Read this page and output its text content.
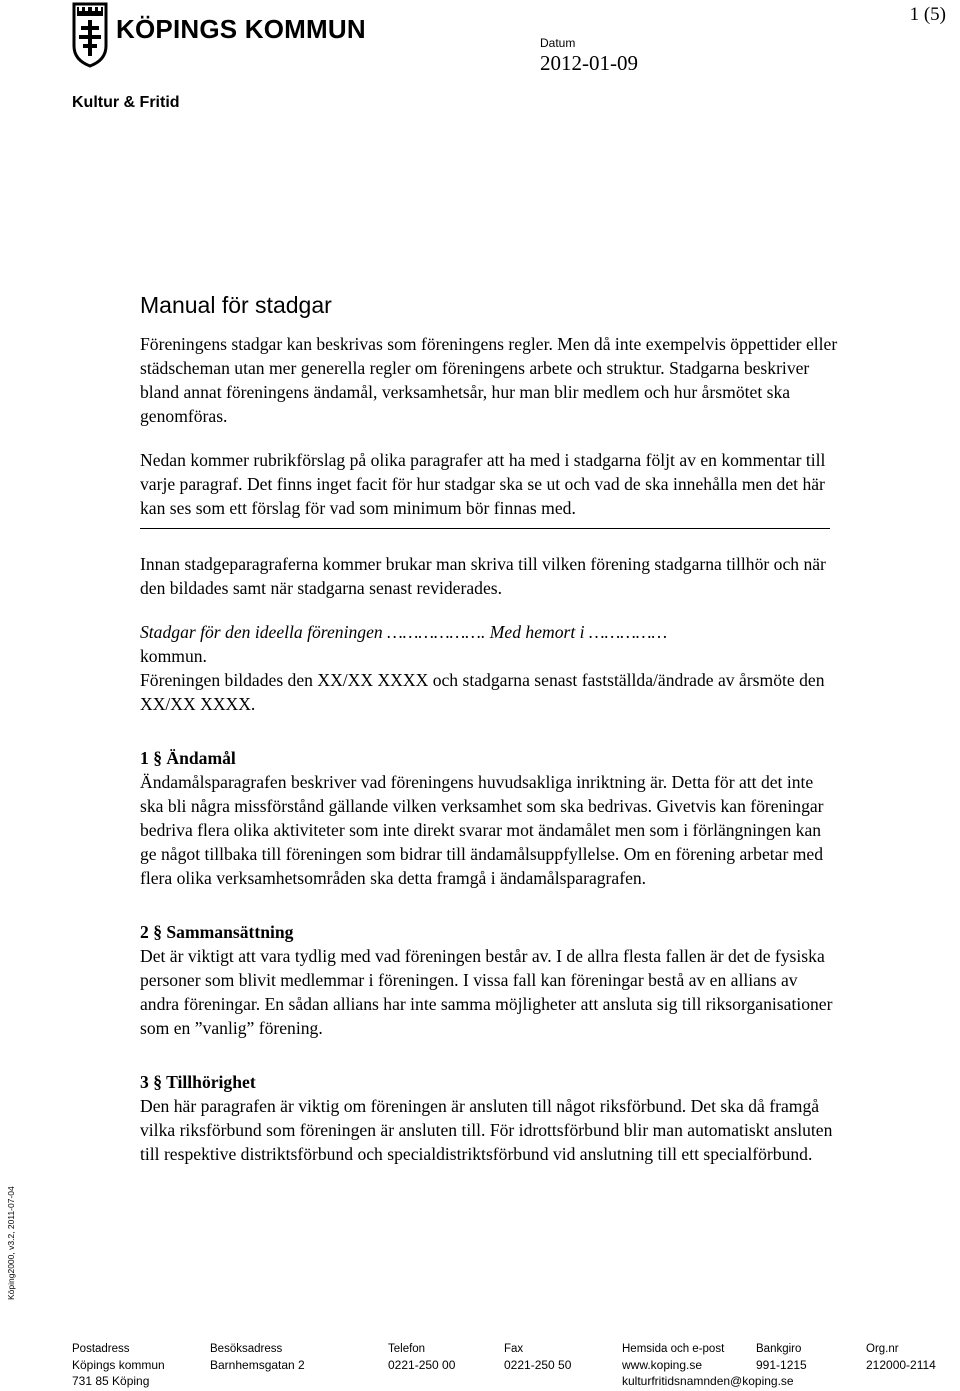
KÖPINGS KOMMUN	1 (5)
Datum
2012-01-09
Kultur & Fritid
Manual för stadgar

Föreningens stadgar kan beskrivas som föreningens regler. Men då inte exempelvis öppettider eller städscheman utan mer generella regler om föreningens arbete och struktur. Stadgarna beskriver bland annat föreningens ändamål, verksamhetsår, hur man blir medlem och hur årsmötet ska genomföras.

Nedan kommer rubrikförslag på olika paragrafer att ha med i stadgarna följt av en kommentar till varje paragraf. Det finns inget facit för hur stadgar ska se ut och vad de ska innehålla men det här kan ses som ett förslag för vad som minimum bör finnas med.

Innan stadgeparagraferna kommer brukar man skriva till vilken förening stadgarna tillhör och när den bildades samt när stadgarna senast reviderades.

Stadgar för den ideella föreningen ………………. Med hemort i ……………
kommun.
Föreningen bildades den XX/XX XXXX och stadgarna senast fastställda/ändrade av årsmöte den XX/XX XXXX.
1 § Ändamål

Ändamålsparagrafen beskriver vad föreningens huvudsakliga inriktning är. Detta för att det inte ska bli några missförstånd gällande vilken verksamhet som ska bedrivas. Givetvis kan föreningar bedriva flera olika aktiviteter som inte direkt svarar mot ändamålet men som i förlängningen kan ge något tillbaka till föreningen som bidrar till ändamålsuppfyllelse. Om en förening arbetar med flera olika verksamhetsområden ska detta framgå i ändamålsparagrafen.

2 § Sammansättning

Det är viktigt att vara tydlig med vad föreningen består av. I de allra flesta fallen är det de fysiska personer som blivit medlemmar i föreningen. I vissa fall kan föreningar bestå av en allians av andra föreningar. En sådan allians har inte samma möjligheter att ansluta sig till riksorganisationer som en ”vanlig” förening.

3 § Tillhörighet

Den här paragrafen är viktig om föreningen är ansluten till något riksförbund. Det ska då framgå vilka riksförbund som föreningen är ansluten till. För idrottsförbund blir man automatiskt ansluten till respektive distriktsförbund och specialdistriktsförbund vid anslutning till ett specialförbund.

Köping2000, v3.2, 2011-07-04
Postadress
Köpings kommun
731 85 Köping
Besöksadress
Barnhemsgatan 2
Telefon
0221-250 00
Fax
0221-250 50
Hemsida och e-post
www.koping.se
kulturfritidsnamnden@koping.se
Bankgiro
991-1215
Org.nr
212000-2114
